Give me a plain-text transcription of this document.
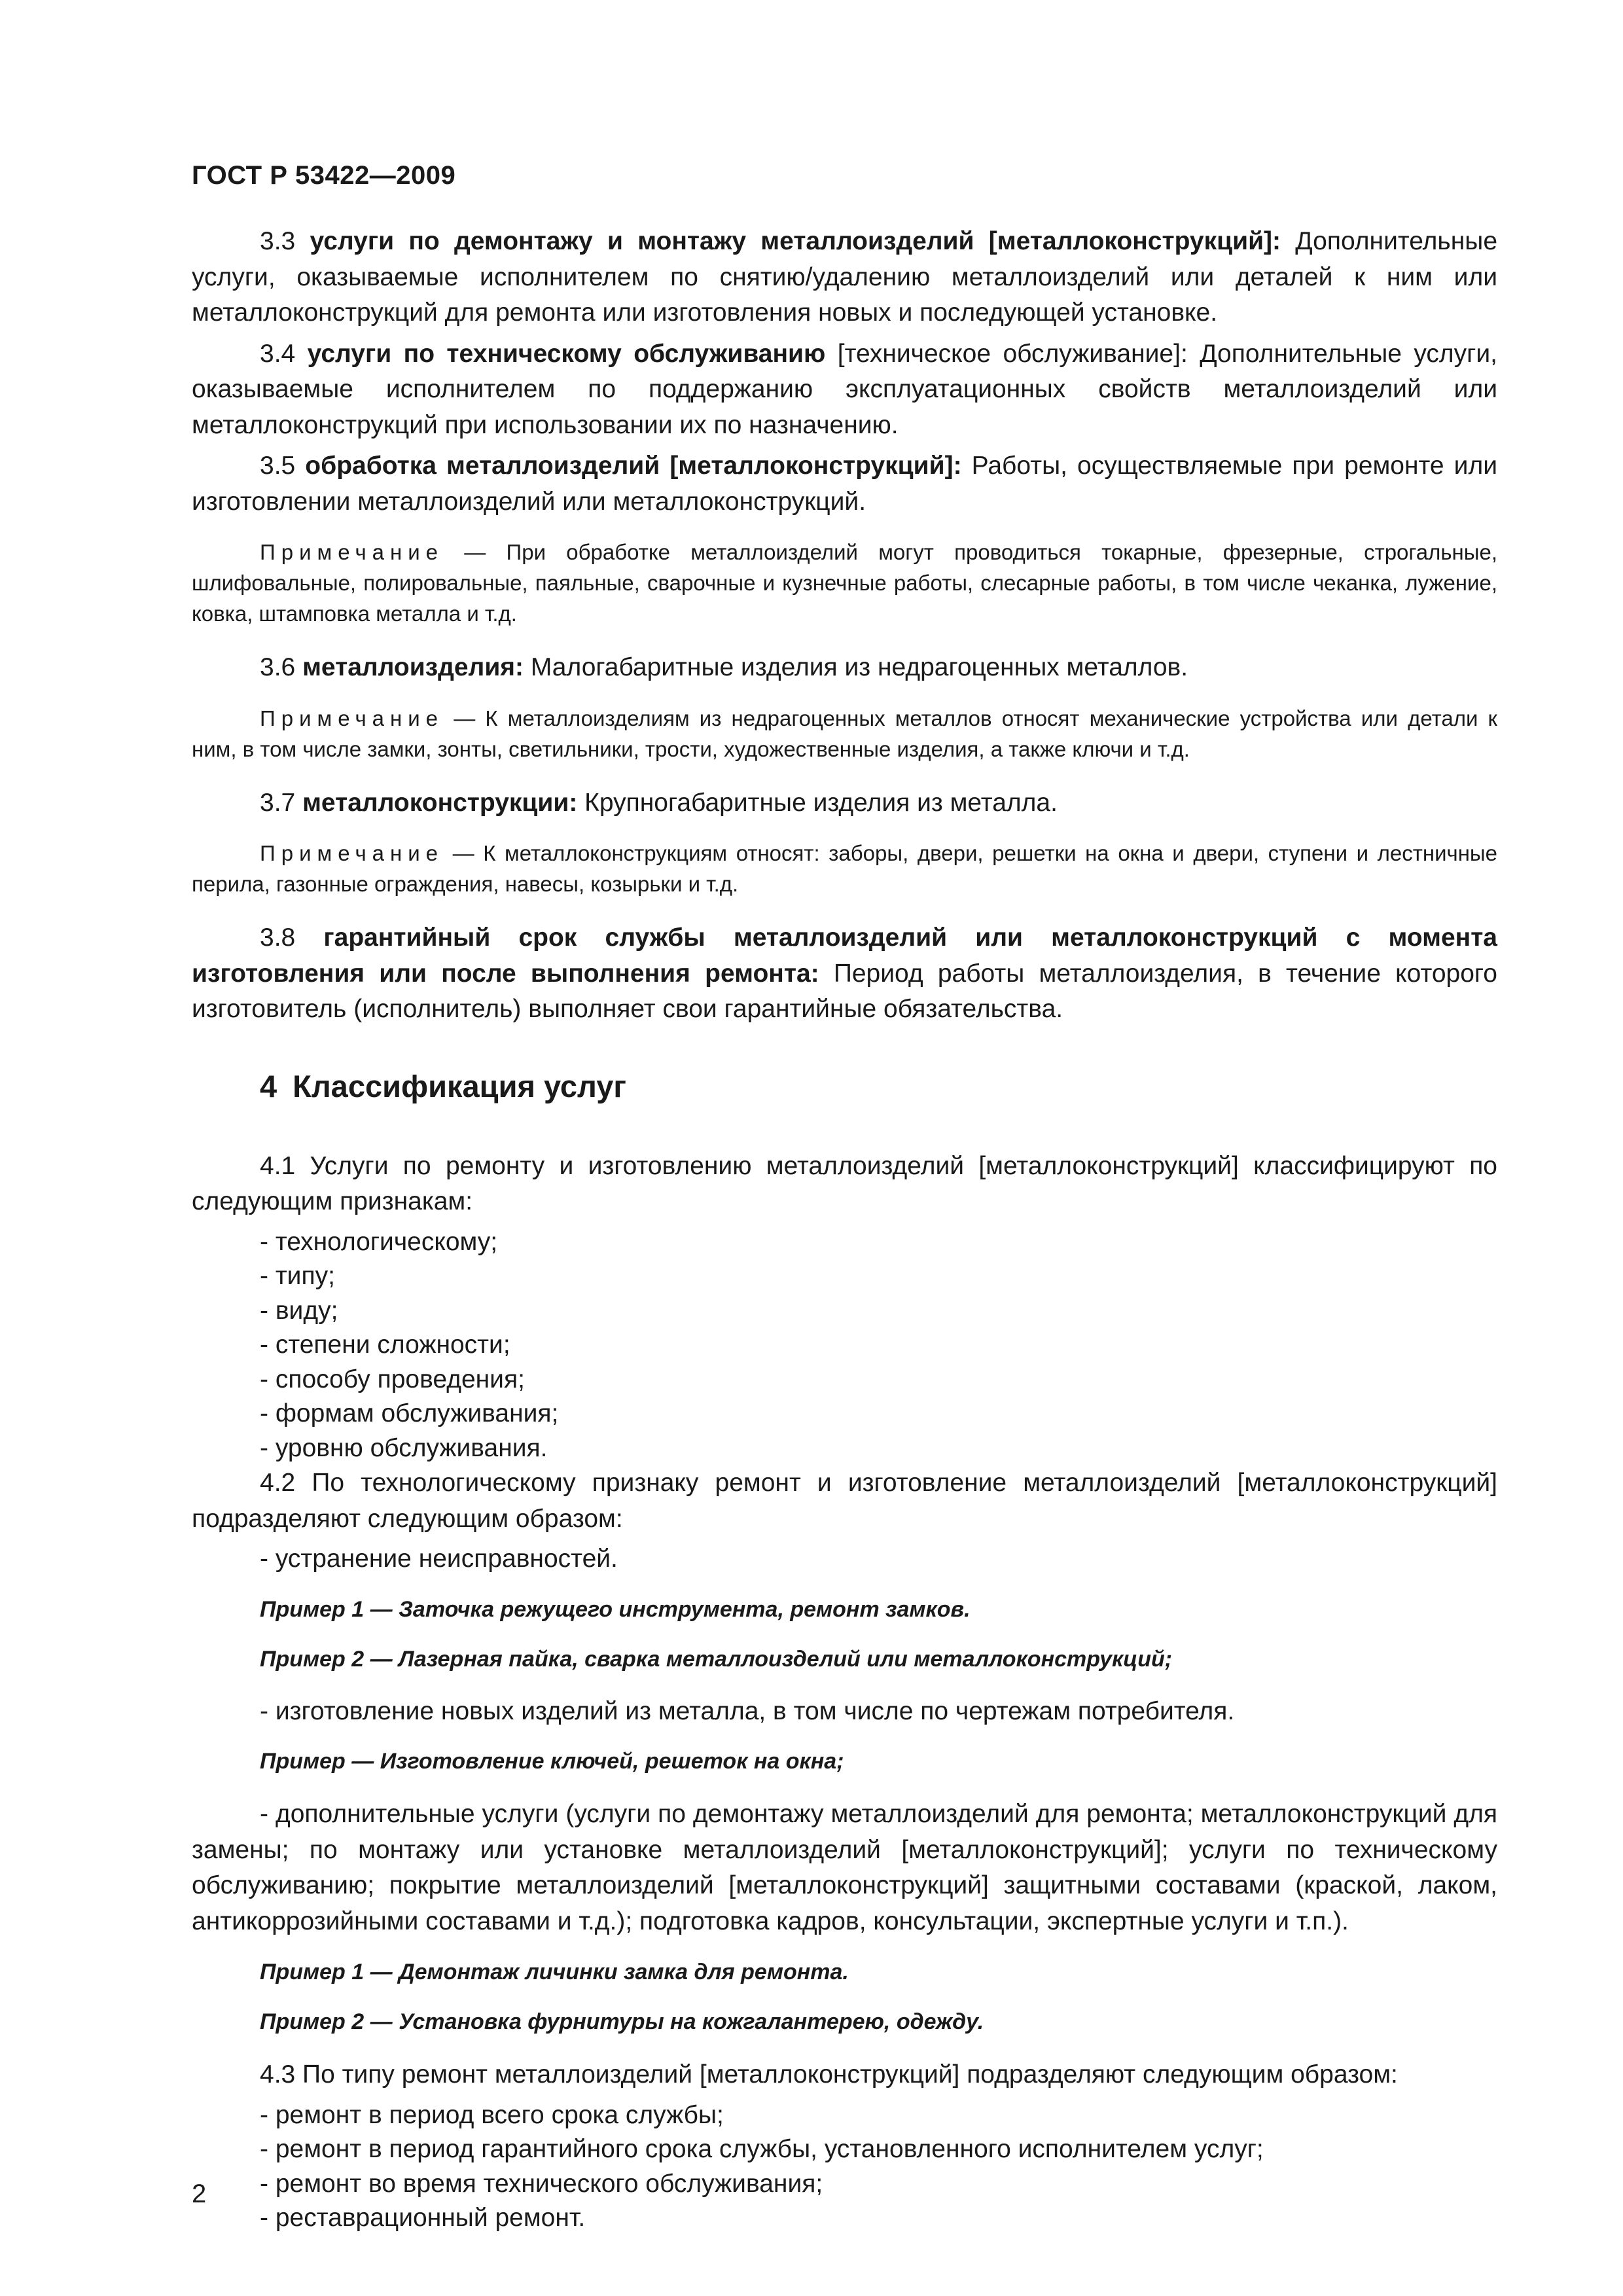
ГОСТ Р 53422—2009

3.3 услуги по демонтажу и монтажу металлоизделий [металлоконструкций]: Дополнительные услуги, оказываемые исполнителем по снятию/удалению металлоизделий или деталей к ним или металлоконструкций для ремонта или изготовления новых и последующей установке.

3.4 услуги по техническому обслуживанию [техническое обслуживание]: Дополнительные услуги, оказываемые исполнителем по поддержанию эксплуатационных свойств металлоизделий или металлоконструкций при использовании их по назначению.

3.5 обработка металлоизделий [металлоконструкций]: Работы, осуществляемые при ремонте или изготовлении металлоизделий или металлоконструкций.

Примечание — При обработке металлоизделий могут проводиться токарные, фрезерные, строгальные, шлифовальные, полировальные, паяльные, сварочные и кузнечные работы, слесарные работы, в том числе чеканка, лужение, ковка, штамповка металла и т.д.

3.6 металлоизделия: Малогабаритные изделия из недрагоценных металлов.

Примечание — К металлоизделиям из недрагоценных металлов относят механические устройства или детали к ним, в том числе замки, зонты, светильники, трости, художественные изделия, а также ключи и т.д.

3.7 металлоконструкции: Крупногабаритные изделия из металла.

Примечание — К металлоконструкциям относят: заборы, двери, решетки на окна и двери, ступени и лестничные перила, газонные ограждения, навесы, козырьки и т.д.

3.8 гарантийный срок службы металлоизделий или металлоконструкций с момента изготовления или после выполнения ремонта: Период работы металлоизделия, в течение которого изготовитель (исполнитель) выполняет свои гарантийные обязательства.

4 Классификация услуг

4.1 Услуги по ремонту и изготовлению металлоизделий [металлоконструкций] классифицируют по следующим признакам:

- технологическому;
- типу;
- виду;
- степени сложности;
- способу проведения;
- формам обслуживания;
- уровню обслуживания.

4.2 По технологическому признаку ремонт и изготовление металлоизделий [металлоконструкций] подразделяют следующим образом:

- устранение неисправностей.
Пример 1 — Заточка режущего инструмента, ремонт замков.
Пример 2 — Лазерная пайка, сварка металлоизделий или металлоконструкций;
- изготовление новых изделий из металла, в том числе по чертежам потребителя.
Пример — Изготовление ключей, решеток на окна;

- дополнительные услуги (услуги по демонтажу металлоизделий для ремонта; металлоконструкций для замены; по монтажу или установке металлоизделий [металлоконструкций]; услуги по техническому обслуживанию; покрытие металлоизделий [металлоконструкций] защитными составами (краской, лаком, антикоррозийными составами и т.д.); подготовка кадров, консультации, экспертные услуги и т.п.).

Пример 1 — Демонтаж личинки замка для ремонта.
Пример 2 — Установка фурнитуры на кожгалантерею, одежду.

4.3 По типу ремонт металлоизделий [металлоконструкций] подразделяют следующим образом:

- ремонт в период всего срока службы;
- ремонт в период гарантийного срока службы, установленного исполнителем услуг;
- ремонт во время технического обслуживания;
- реставрационный ремонт.
2
